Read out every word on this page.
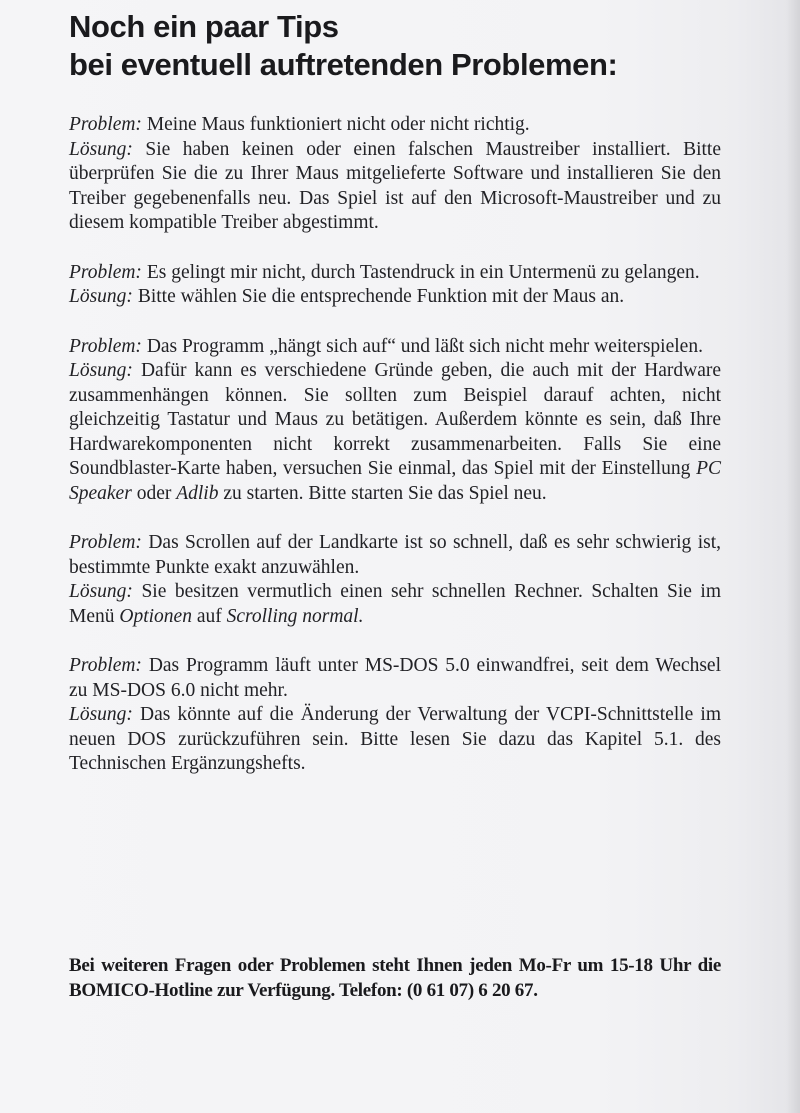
Noch ein paar Tips
bei eventuell auftretenden Problemen:
Problem: Meine Maus funktioniert nicht oder nicht richtig.
Lösung: Sie haben keinen oder einen falschen Maustreiber installiert. Bitte überprüfen Sie die zu Ihrer Maus mitgelieferte Software und installieren Sie den Treiber gegebenenfalls neu. Das Spiel ist auf den Microsoft-Maustreiber und zu diesem kompatible Treiber abgestimmt.
Problem: Es gelingt mir nicht, durch Tastendruck in ein Untermenü zu gelangen.
Lösung: Bitte wählen Sie die entsprechende Funktion mit der Maus an.
Problem: Das Programm „hängt sich auf“ und läßt sich nicht mehr weiterspielen.
Lösung: Dafür kann es verschiedene Gründe geben, die auch mit der Hardware zusammenhängen können. Sie sollten zum Beispiel darauf achten, nicht gleichzeitig Tastatur und Maus zu betätigen. Außerdem könnte es sein, daß Ihre Hardwarekomponenten nicht korrekt zusammenarbeiten. Falls Sie eine Soundblaster-Karte haben, versuchen Sie einmal, das Spiel mit der Einstellung PC Speaker oder Adlib zu starten. Bitte starten Sie das Spiel neu.
Problem: Das Scrollen auf der Landkarte ist so schnell, daß es sehr schwierig ist, bestimmte Punkte exakt anzuwählen.
Lösung: Sie besitzen vermutlich einen sehr schnellen Rechner. Schalten Sie im Menü Optionen auf Scrolling normal.
Problem: Das Programm läuft unter MS-DOS 5.0 einwandfrei, seit dem Wechsel zu MS-DOS 6.0 nicht mehr.
Lösung: Das könnte auf die Änderung der Verwaltung der VCPI-Schnittstelle im neuen DOS zurückzuführen sein. Bitte lesen Sie dazu das Kapitel 5.1. des Technischen Ergänzungshefts.

Bei weiteren Fragen oder Problemen steht Ihnen jeden Mo-Fr um 15-18 Uhr die BOMICO-Hotline zur Verfügung. Telefon: (0 61 07) 6 20 67.
